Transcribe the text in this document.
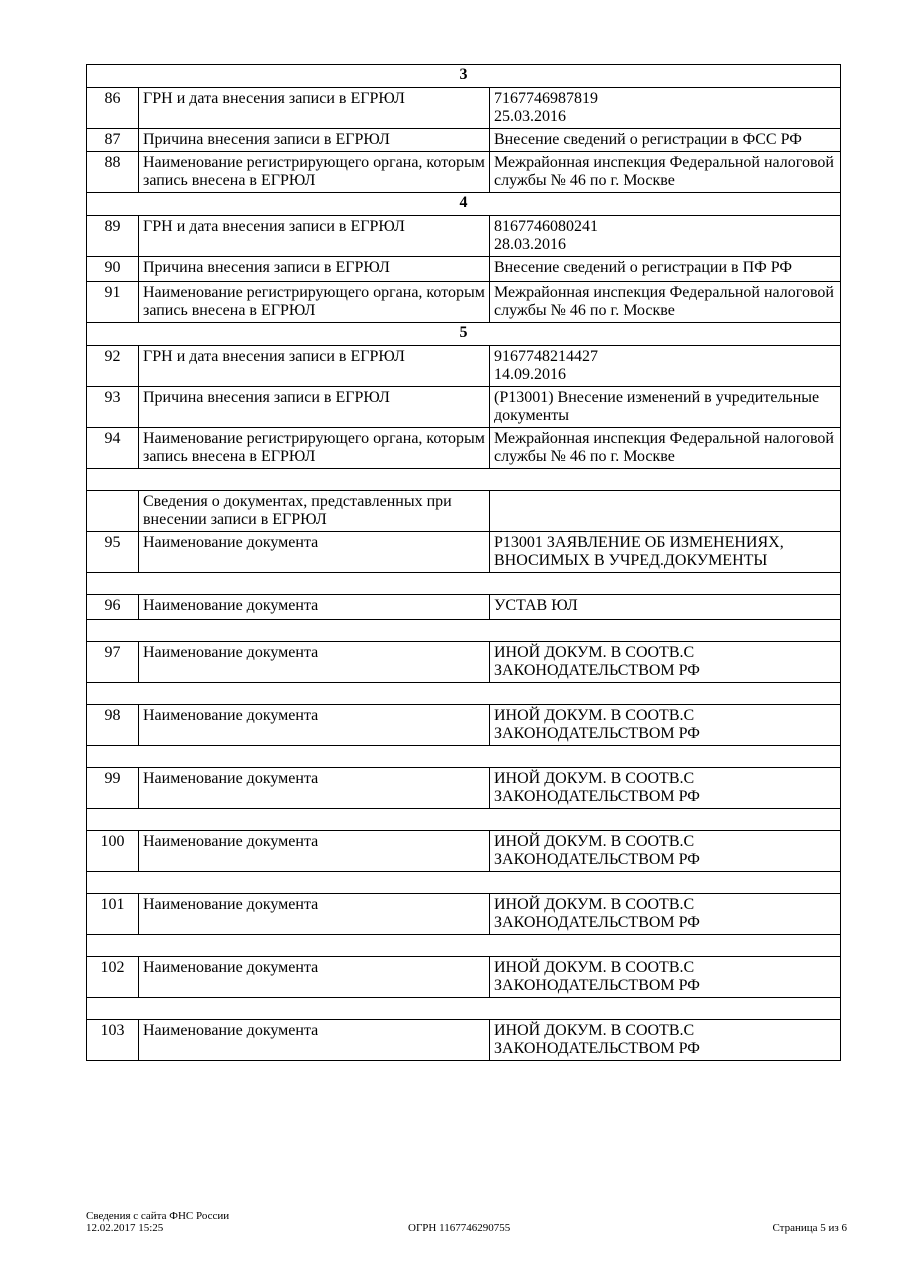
3		
86	ГРН и дата внесения записи в ЕГРЮЛ	7167746987819
25.03.2016
87	Причина внесения записи в ЕГРЮЛ	Внесение сведений о регистрации в ФСС РФ
88	Наименование регистрирующего органа, которым запись внесена в ЕГРЮЛ	Межрайонная инспекция Федеральной налоговой службы № 46 по г. Москве
4		
89	ГРН и дата внесения записи в ЕГРЮЛ	8167746080241
28.03.2016
90	Причина внесения записи в ЕГРЮЛ	Внесение сведений о регистрации в ПФ РФ
91	Наименование регистрирующего органа, которым запись внесена в ЕГРЮЛ	Межрайонная инспекция Федеральной налоговой службы № 46 по г. Москве
5		
92	ГРН и дата внесения записи в ЕГРЮЛ	9167748214427
14.09.2016
93	Причина внесения записи в ЕГРЮЛ	(Р13001) Внесение изменений в учредительные документы
94	Наименование регистрирующего органа, которым запись внесена в ЕГРЮЛ	Межрайонная инспекция Федеральной налоговой службы № 46 по г. Москве

	Сведения о документах, представленных при внесении записи в ЕГРЮЛ	
95	Наименование документа	Р13001 ЗАЯВЛЕНИЕ ОБ ИЗМЕНЕНИЯХ, ВНОСИМЫХ В УЧРЕД.ДОКУМЕНТЫ

96	Наименование документа	УСТАВ ЮЛ

97	Наименование документа	ИНОЙ ДОКУМ. В СООТВ.С ЗАКОНОДАТЕЛЬСТВОМ РФ

98	Наименование документа	ИНОЙ ДОКУМ. В СООТВ.С ЗАКОНОДАТЕЛЬСТВОМ РФ

99	Наименование документа	ИНОЙ ДОКУМ. В СООТВ.С ЗАКОНОДАТЕЛЬСТВОМ РФ

100	Наименование документа	ИНОЙ ДОКУМ. В СООТВ.С ЗАКОНОДАТЕЛЬСТВОМ РФ

101	Наименование документа	ИНОЙ ДОКУМ. В СООТВ.С ЗАКОНОДАТЕЛЬСТВОМ РФ

102	Наименование документа	ИНОЙ ДОКУМ. В СООТВ.С ЗАКОНОДАТЕЛЬСТВОМ РФ

103	Наименование документа	ИНОЙ ДОКУМ. В СООТВ.С ЗАКОНОДАТЕЛЬСТВОМ РФ
Сведения с сайта ФНС России
12.02.2017 15:25	ОГРН 1167746290755	Страница 5 из 6
